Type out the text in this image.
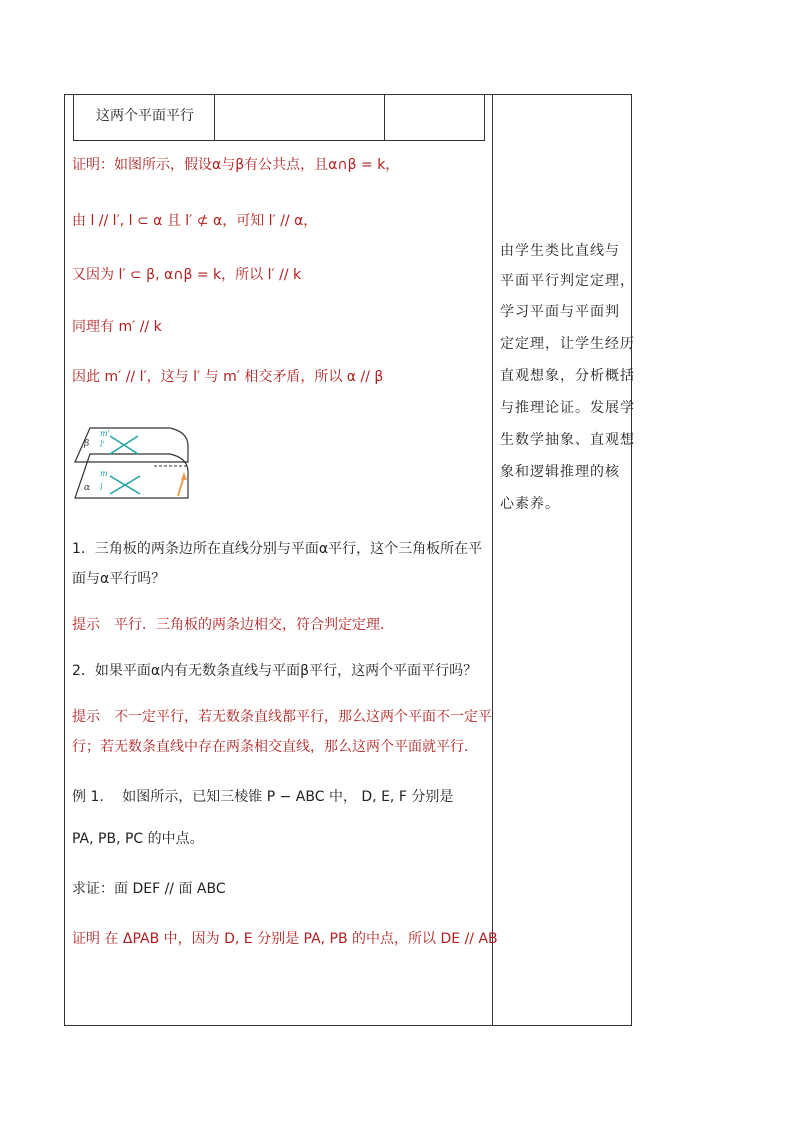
这两个平面平行
证明：如图所示，假设α与β有公共点，且α∩β = k，
由 l // l′, l ⊂ α 且 l′ ⊄ α，可知 l′ // α，
又因为 l′ ⊂ β, α∩β = k，所以 l′ // k
同理有 m′ // k
因此 m′ // l′，这与 l′ 与 m′ 相交矛盾，所以 α // β
m'
l'
β
m
l
α
1．三角板的两条边所在直线分别与平面α平行，这个三角板所在平
面与α平行吗？
提示　平行．三角板的两条边相交，符合判定定理．
2．如果平面α内有无数条直线与平面β平行，这两个平面平行吗？
提示　不一定平行，若无数条直线都平行，那么这两个平面不一定平
行；若无数条直线中存在两条相交直线，那么这两个平面就平行．
例 1.　 如图所示，已知三棱锥 P − ABC 中， D, E, F 分别是
PA, PB, PC 的中点。
求证：面 DEF // 面 ABC
证明 在 ΔPAB 中，因为 D, E 分别是 PA, PB 的中点，所以 DE // AB
由学生类比直线与
平面平行判定定理，
学习平面与平面判
定定理，让学生经历
直观想象，分析概括
与推理论证。发展学
生数学抽象、直观想
象和逻辑推理的核
心素养。
